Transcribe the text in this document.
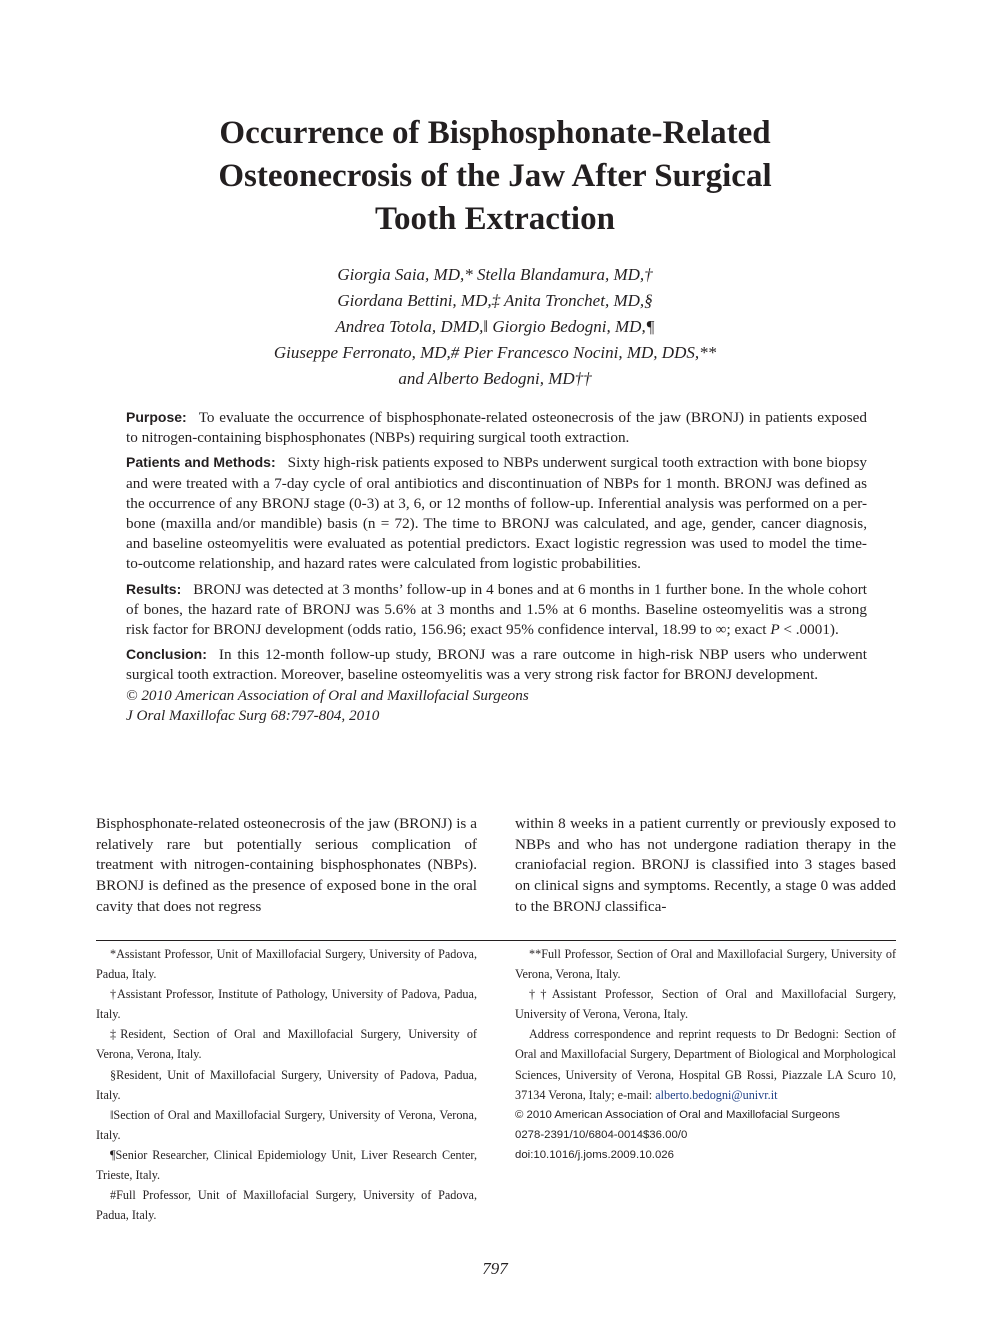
Occurrence of Bisphosphonate-Related
Osteonecrosis of the Jaw After Surgical
Tooth Extraction
Giorgia Saia, MD,* Stella Blandamura, MD,†
Giordana Bettini, MD,‡ Anita Tronchet, MD,§
Andrea Totola, DMD,‖ Giorgio Bedogni, MD,¶
Giuseppe Ferronato, MD,# Pier Francesco Nocini, MD, DDS,**
and Alberto Bedogni, MD††

Purpose: To evaluate the occurrence of bisphosphonate-related osteonecrosis of the jaw (BRONJ) in patients exposed to nitrogen-containing bisphosphonates (NBPs) requiring surgical tooth extraction.

Patients and Methods: Sixty high-risk patients exposed to NBPs underwent surgical tooth extraction with bone biopsy and were treated with a 7-day cycle of oral antibiotics and discontinuation of NBPs for 1 month. BRONJ was defined as the occurrence of any BRONJ stage (0-3) at 3, 6, or 12 months of follow-up. Inferential analysis was performed on a per-bone (maxilla and/or mandible) basis (n = 72). The time to BRONJ was calculated, and age, gender, cancer diagnosis, and baseline osteomyelitis were evaluated as potential predictors. Exact logistic regression was used to model the time-to-outcome relationship, and hazard rates were calculated from logistic probabilities.

Results: BRONJ was detected at 3 months’ follow-up in 4 bones and at 6 months in 1 further bone. In the whole cohort of bones, the hazard rate of BRONJ was 5.6% at 3 months and 1.5% at 6 months. Baseline osteomyelitis was a strong risk factor for BRONJ development (odds ratio, 156.96; exact 95% confidence interval, 18.99 to ∞; exact P < .0001).

Conclusion: In this 12-month follow-up study, BRONJ was a rare outcome in high-risk NBP users who underwent surgical tooth extraction. Moreover, baseline osteomyelitis was a very strong risk factor for BRONJ development.

© 2010 American Association of Oral and Maxillofacial Surgeons

J Oral Maxillofac Surg 68:797-804, 2010

Bisphosphonate-related osteonecrosis of the jaw (BRONJ) is a relatively rare but potentially serious complication of treatment with nitrogen-containing bisphosphonates (NBPs). BRONJ is defined as the presence of exposed bone in the oral cavity that does not regress

within 8 weeks in a patient currently or previously exposed to NBPs and who has not undergone radiation therapy in the craniofacial region. BRONJ is classified into 3 stages based on clinical signs and symptoms. Recently, a stage 0 was added to the BRONJ classifica-

*Assistant Professor, Unit of Maxillofacial Surgery, University of Padova, Padua, Italy.

†Assistant Professor, Institute of Pathology, University of Padova, Padua, Italy.

‡Resident, Section of Oral and Maxillofacial Surgery, University of Verona, Verona, Italy.

§Resident, Unit of Maxillofacial Surgery, University of Padova, Padua, Italy.

‖Section of Oral and Maxillofacial Surgery, University of Verona, Verona, Italy.

¶Senior Researcher, Clinical Epidemiology Unit, Liver Research Center, Trieste, Italy.

#Full Professor, Unit of Maxillofacial Surgery, University of Padova, Padua, Italy.

**Full Professor, Section of Oral and Maxillofacial Surgery, University of Verona, Verona, Italy.

††Assistant Professor, Section of Oral and Maxillofacial Surgery, University of Verona, Verona, Italy.

Address correspondence and reprint requests to Dr Bedogni: Section of Oral and Maxillofacial Surgery, Department of Biological and Morphological Sciences, University of Verona, Hospital GB Rossi, Piazzale LA Scuro 10, 37134 Verona, Italy; e-mail: alberto.bedogni@univr.it

© 2010 American Association of Oral and Maxillofacial Surgeons

0278-2391/10/6804-0014$36.00/0

doi:10.1016/j.joms.2009.10.026

797
